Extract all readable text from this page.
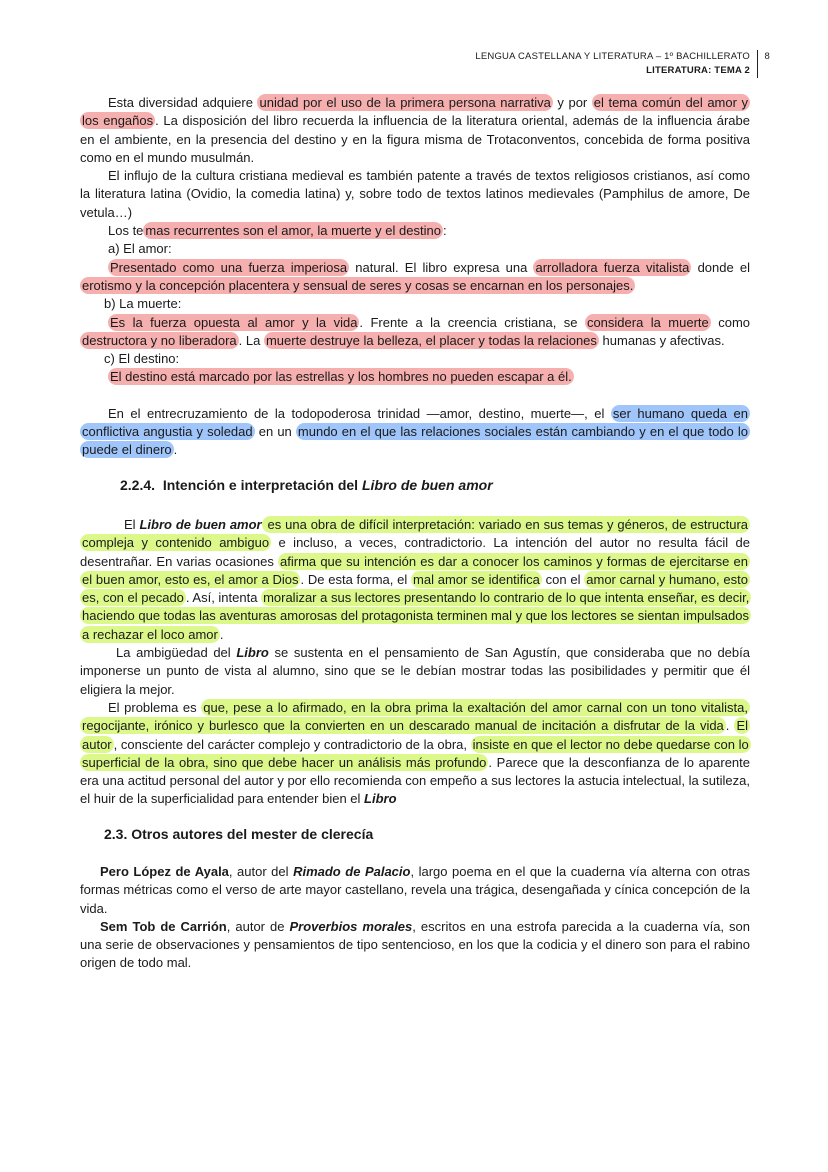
LENGUA CASTELLANA Y LITERATURA – 1º BACHILLERATO
LITERATURA: TEMA 2
8

Esta diversidad adquiere unidad por el uso de la primera persona narrativa y por el tema común del amor y los engaños . La disposición del libro recuerda la influencia de la literatura oriental, además de la influencia árabe en el ambiente, en la presencia del destino y en la figura misma de Trotaconventos, concebida de forma positiva como en el mundo musulmán.

El influjo de la cultura cristiana medieval es también patente a través de textos religiosos cristianos, así como la literatura latina (Ovidio, la comedia latina) y, sobre todo de textos latinos medievales (Pamphilus de amore, De vetula…)

Los te mas recurrentes son el amor, la muerte y el destino :

a) El amor:

Presentado como una fuerza imperiosa natural. El libro expresa una arrolladora fuerza vitalista donde el erotismo y la concepción placentera y sensual de seres y cosas se encarnan en los personajes.

b) La muerte:

Es la fuerza opuesta al amor y la vida . Frente a la creencia cristiana, se considera la muerte como destructora y no liberadora . La muerte destruye la belleza, el placer y todas la relaciones humanas y afectivas.

c) El destino:

El destino está marcado por las estrellas y los hombres no pueden escapar a él.

En el entrecruzamiento de la todopoderosa trinidad —amor, destino, muerte—, el ser humano queda en conflictiva angustia y soledad en un mundo en el que las relaciones sociales están cambiando y en el que todo lo puede el dinero .

2.2.4. Intención e interpretación del Libro de buen amor

El Libro de buen amor es una obra de difícil interpretación: variado en sus temas y géneros, de estructura compleja y contenido ambiguo e incluso, a veces, contradictorio. La intención del autor no resulta fácil de desentrañar. En varias ocasiones afirma que su intención es dar a conocer los caminos y formas de ejercitarse en el buen amor, esto es, el amor a Dios . De esta forma, el mal amor se identifica con el amor carnal y humano, esto es, con el pecado . Así, intenta moralizar a sus lectores presentando lo contrario de lo que intenta enseñar, es decir, haciendo que todas las aventuras amorosas del protagonista terminen mal y que los lectores se sientan impulsados a rechazar el loco amor .

La ambigüedad del Libro se sustenta en el pensamiento de San Agustín, que consideraba que no debía imponerse un punto de vista al alumno, sino que se le debían mostrar todas las posibilidades y permitir que él eligiera la mejor.

El problema es que, pese a lo afirmado, en la obra prima la exaltación del amor carnal con un tono vitalista, regocijante, irónico y burlesco que la convierten en un descarado manual de incitación a disfrutar de la vida . El autor , consciente del carácter complejo y contradictorio de la obra, insiste en que el lector no debe quedarse con lo superficial de la obra, sino que debe hacer un análisis más profundo . Parece que la desconfianza de lo aparente era una actitud personal del autor y por ello recomienda con empeño a sus lectores la astucia intelectual, la sutileza, el huir de la superficialidad para entender bien el Libro

2.3. Otros autores del mester de clerecía

Pero López de Ayala, autor del Rimado de Palacio, largo poema en el que la cuaderna vía alterna con otras formas métricas como el verso de arte mayor castellano, revela una trágica, desengañada y cínica concepción de la vida.

Sem Tob de Carrión, autor de Proverbios morales, escritos en una estrofa parecida a la cuaderna vía, son una serie de observaciones y pensamientos de tipo sentencioso, en los que la codicia y el dinero son para el rabino origen de todo mal.
